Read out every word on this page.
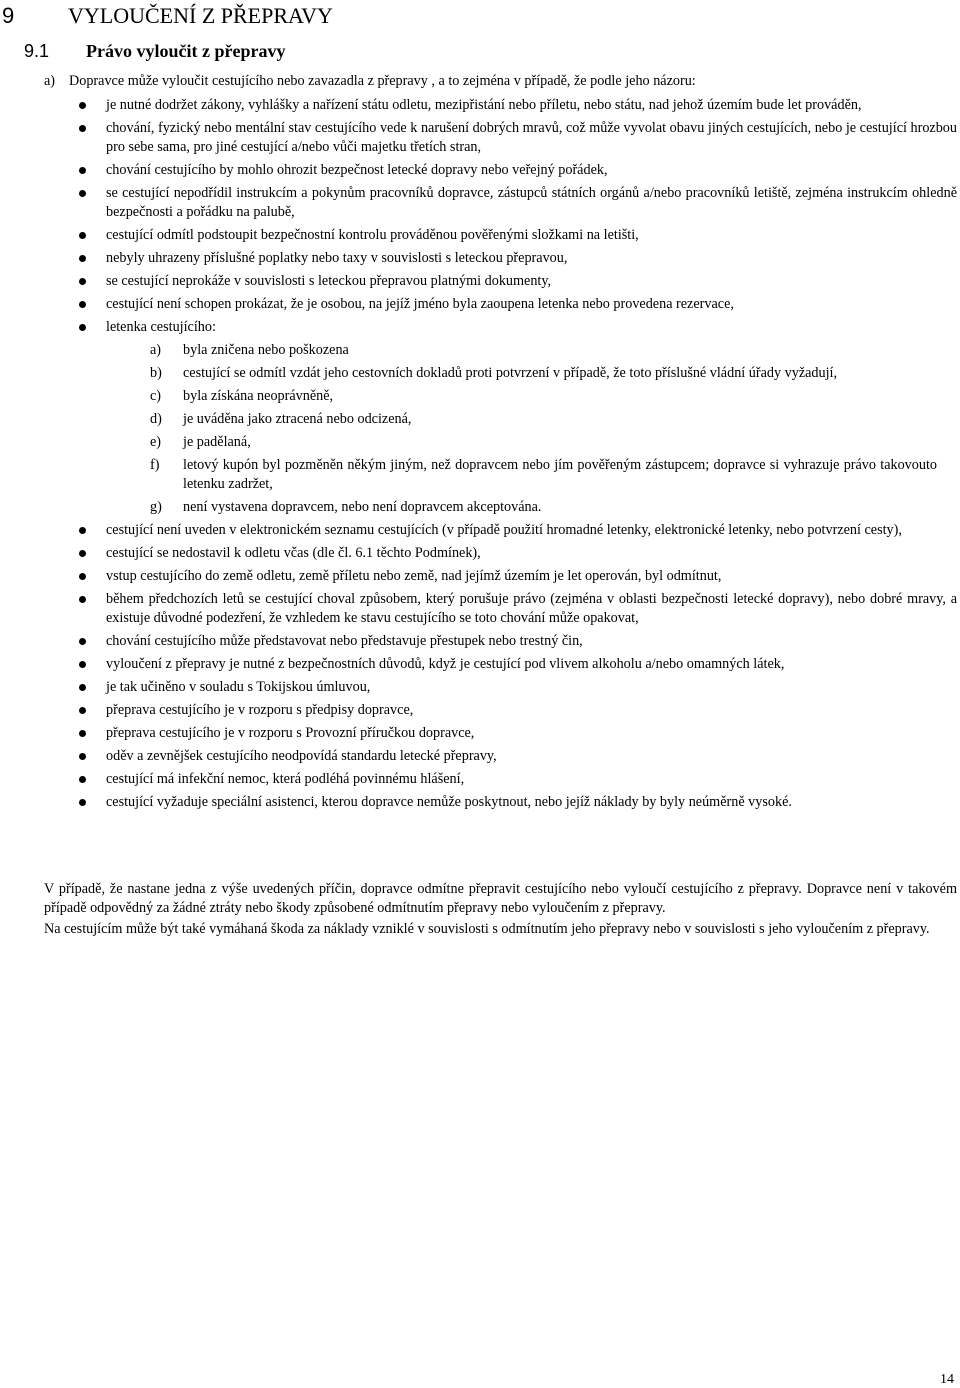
9 VYLOUČENÍ Z PŘEPRAVY
9.1 Právo vyloučit z přepravy

a) Dopravce může vyloučit cestujícího nebo zavazadla z přepravy , a to zejména v případě, že podle jeho názoru:

je nutné dodržet zákony, vyhlášky a nařízení státu odletu, mezipřistání nebo příletu, nebo státu, nad jehož územím bude let prováděn,
chování, fyzický nebo mentální stav cestujícího vede k narušení dobrých mravů, což může vyvolat obavu jiných cestujících, nebo je cestující hrozbou pro sebe sama, pro jiné cestující a/nebo vůči majetku třetích stran,
chování cestujícího by mohlo ohrozit bezpečnost letecké dopravy nebo veřejný pořádek,
se cestující nepodřídil instrukcím a pokynům pracovníků dopravce, zástupců státních orgánů a/nebo pracovníků letiště, zejména instrukcím ohledně bezpečnosti a pořádku na palubě,
cestující odmítl podstoupit bezpečnostní kontrolu prováděnou pověřenými složkami na letišti,
nebyly uhrazeny příslušné poplatky nebo taxy v souvislosti s leteckou přepravou,
se cestující neprokáže v souvislosti s leteckou přepravou platnými dokumenty,
cestující není schopen prokázat, že je osobou, na jejíž jméno byla zaoupena letenka nebo provedena rezervace,
letenka cestujícího:
a) byla zničena nebo poškozena
b) cestující se odmítl vzdát jeho cestovních dokladů proti potvrzení v případě, že toto příslušné vládní úřady vyžadují,
c) byla získána neoprávněně,
d) je uváděna jako ztracená nebo odcizená,
e) je padělaná,
f) letový kupón byl pozměněn někým jiným, než dopravcem nebo jím pověřeným zástupcem; dopravce si vyhrazuje právo takovouto letenku zadržet,
g) není vystavena dopravcem, nebo není dopravcem akceptována.
cestující není uveden v elektronickém seznamu cestujících (v případě použití hromadné letenky, elektronické letenky, nebo potvrzení cesty),
cestující se nedostavil k odletu včas (dle čl. 6.1 těchto Podmínek),
vstup cestujícího do země odletu, země příletu nebo země, nad jejímž územím je let operován, byl odmítnut,
během předchozích letů se cestující choval způsobem, který porušuje právo (zejména v oblasti bezpečnosti letecké dopravy), nebo dobré mravy, a existuje důvodné podezření, že vzhledem ke stavu cestujícího se toto chování může opakovat,
chování cestujícího může představovat nebo představuje přestupek nebo trestný čin,
vyloučení z přepravy je nutné z bezpečnostních důvodů, když je cestující pod vlivem alkoholu a/nebo omamných látek,
je tak učiněno v souladu s Tokijskou úmluvou,
přeprava cestujícího je v rozporu s předpisy dopravce,
přeprava cestujícího je v rozporu s Provozní příručkou dopravce,
oděv a zevnějšek cestujícího neodpovídá standardu letecké přepravy,
cestující má infekční nemoc, která podléhá povinnému hlášení,
cestující vyžaduje speciální asistenci, kterou dopravce nemůže poskytnout, nebo jejíž náklady by byly neúměrně vysoké.

V případě, že nastane jedna z výše uvedených příčin, dopravce odmítne přepravit cestujícího nebo vyloučí cestujícího z přepravy. Dopravce není v takovém případě odpovědný za žádné ztráty nebo škody způsobené odmítnutím přepravy nebo vyloučením z přepravy.

Na cestujícím může být také vymáhaná škoda za náklady vzniklé v souvislosti s odmítnutím jeho přepravy nebo v souvislosti s jeho vyloučením z přepravy.

14
